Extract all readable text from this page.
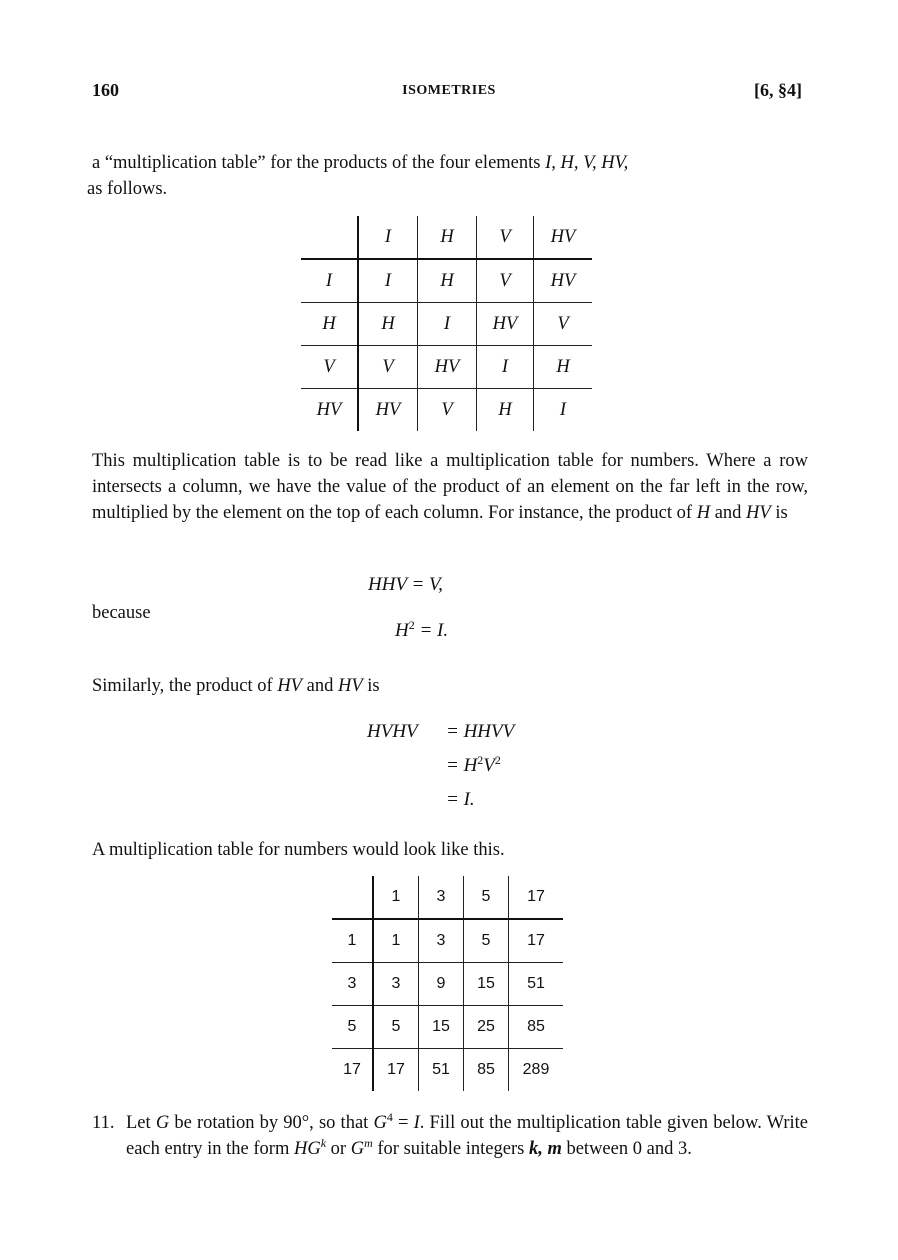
160	ISOMETRIES	[6, §4]

a “multiplication table” for the products of the four elements I, H, V, HV,
as follows.

	I	H	V	HV
I	I	H	V	HV
H	H	I	HV	V
V	V	HV	I	H
HV	HV	V	H	I

This multiplication table is to be read like a multiplication table for numbers. Where a row intersects a column, we have the value of the product of an element on the far left in the row, multiplied by the element on the top of each column. For instance, the product of H and HV is

HHV = V,
because
$H^2 = I$.

Similarly, the product of HV and HV is

HVHV = HHVV
= $H^2V^2$
= I.

A multiplication table for numbers would look like this.

	1	3	5	17
1	1	3	5	17
3	3	9	15	51
5	5	15	25	85
17	17	51	85	289
11. Let G be rotation by 90°, so that $G^4 = I$. Fill out the multiplication table given below. Write each entry in the form $HG^k$ or $G^m$ for suitable integers k, m between 0 and 3.
